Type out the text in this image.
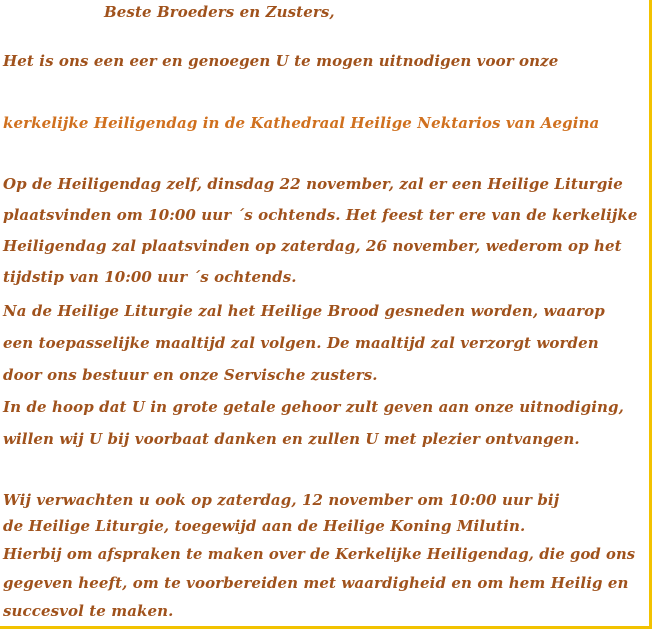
Beste Broeders en Zusters,
Het is ons een eer en genoegen U te mogen uitnodigen voor onze
kerkelijke Heiligendag in de Kathedraal Heilige Nektarios van Aegina
Op de Heiligendag zelf, dinsdag 22 november, zal er een Heilige Liturgie
plaatsvinden om 10:00 uur ´s ochtends. Het feest ter ere van de kerkelijke
Heiligendag zal plaatsvinden op zaterdag, 26 november, wederom op het
tijdstip van 10:00 uur ´s ochtends.
Na de Heilige Liturgie zal het Heilige Brood gesneden worden, waarop
een toepasselijke maaltijd zal volgen. De maaltijd zal verzorgt worden
door ons bestuur en onze Servische zusters.
In de hoop dat U in grote getale gehoor zult geven aan onze uitnodiging,
willen wij U bij voorbaat danken en zullen U met plezier ontvangen.
Wij verwachten u ook op zaterdag, 12 november om 10:00 uur bij
de Heilige Liturgie, toegewijd aan de Heilige Koning Milutin.
Hierbij om afspraken te maken over de Kerkelijke Heiligendag, die god ons
gegeven heeft, om te voorbereiden met waardigheid en om hem Heilig en
succesvol te maken.
